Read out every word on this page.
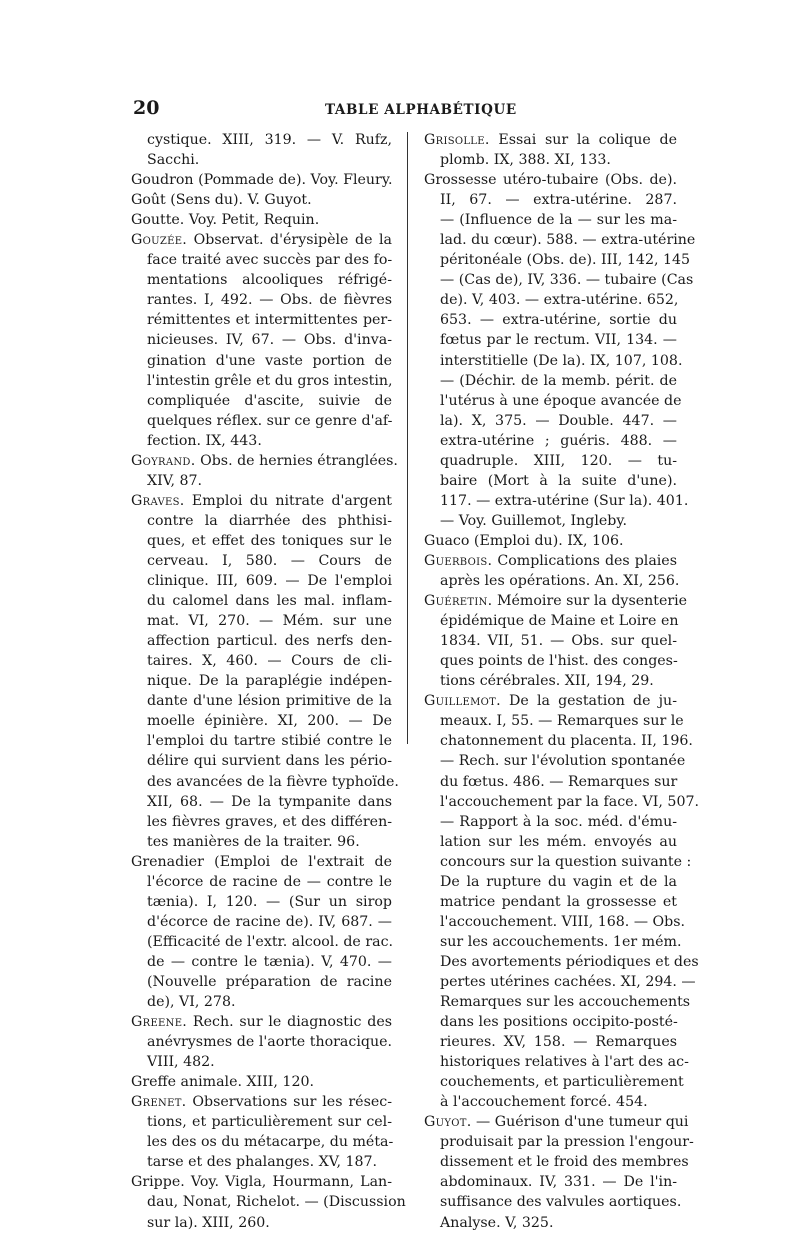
20	TABLE ALPHABÉTIQUE
cystique. XIII, 319. — V. Rufz,
Sacchi.
Goudron (Pommade de). Voy. Fleury.
Goût (Sens du). V. Guyot.
Goutte. Voy. Petit, Requin.
Gouzée. Observat. d'érysipèle de la
face traité avec succès par des fo-
mentations alcooliques réfrigé-
rantes. I, 492. — Obs. de fièvres
rémittentes et intermittentes per-
nicieuses. IV, 67. — Obs. d'inva-
gination d'une vaste portion de
l'intestin grêle et du gros intestin,
compliquée d'ascite, suivie de
quelques réflex. sur ce genre d'af-
fection. IX, 443.
Goyrand. Obs. de hernies étranglées.
XIV, 87.
Graves. Emploi du nitrate d'argent
contre la diarrhée des phthisi-
ques, et effet des toniques sur le
cerveau. I, 580. — Cours de
clinique. III, 609. — De l'emploi
du calomel dans les mal. inflam-
mat. VI, 270. — Mém. sur une
affection particul. des nerfs den-
taires. X, 460. — Cours de cli-
nique. De la paraplégie indépen-
dante d'une lésion primitive de la
moelle épinière. XI, 200. — De
l'emploi du tartre stibié contre le
délire qui survient dans les pério-
des avancées de la fièvre typhoïde.
XII, 68. — De la tympanite dans
les fièvres graves, et des différen-
tes manières de la traiter. 96.
Grenadier (Emploi de l'extrait de
l'écorce de racine de — contre le
tænia). I, 120. — (Sur un sirop
d'écorce de racine de). IV, 687. —
(Efficacité de l'extr. alcool. de rac.
de — contre le tænia). V, 470. —
(Nouvelle préparation de racine
de), VI, 278.
Greene. Rech. sur le diagnostic des
anévrysmes de l'aorte thoracique.
VIII, 482.
Greffe animale. XIII, 120.
Grenet. Observations sur les résec-
tions, et particulièrement sur cel-
les des os du métacarpe, du méta-
tarse et des phalanges. XV, 187.
Grippe. Voy. Vigla, Hourmann, Lan-
dau, Nonat, Richelot. — (Discussion
sur la). XIII, 260.
Grisolle. Essai sur la colique de
plomb. IX, 388. XI, 133.
Grossesse utéro-tubaire (Obs. de).
II, 67. — extra-utérine. 287.
— (Influence de la — sur les ma-
lad. du cœur). 588. — extra-utérine
péritonéale (Obs. de). III, 142, 145
— (Cas de), IV, 336. — tubaire (Cas
de). V, 403. — extra-utérine. 652,
653. — extra-utérine, sortie du
fœtus par le rectum. VII, 134. —
interstitielle (De la). IX, 107, 108.
— (Déchir. de la memb. périt. de
l'utérus à une époque avancée de
la). X, 375. — Double. 447. —
extra-utérine ; guéris. 488. —
quadruple. XIII, 120. — tu-
baire (Mort à la suite d'une).
117. — extra-utérine (Sur la). 401.
— Voy. Guillemot, Ingleby.
Guaco (Emploi du). IX, 106.
Guerbois. Complications des plaies
après les opérations. An. XI, 256.
Guéretin. Mémoire sur la dysenterie
épidémique de Maine et Loire en
1834. VII, 51. — Obs. sur quel-
ques points de l'hist. des conges-
tions cérébrales. XII, 194, 29.
Guillemot. De la gestation de ju-
meaux. I, 55. — Remarques sur le
chatonnement du placenta. II, 196.
— Rech. sur l'évolution spontanée
du fœtus. 486. — Remarques sur
l'accouchement par la face. VI, 507.
— Rapport à la soc. méd. d'ému-
lation sur les mém. envoyés au
concours sur la question suivante :
De la rupture du vagin et de la
matrice pendant la grossesse et
l'accouchement. VIII, 168. — Obs.
sur les accouchements. 1er mém.
Des avortements périodiques et des
pertes utérines cachées. XI, 294. —
Remarques sur les accouchements
dans les positions occipito-posté-
rieures. XV, 158. — Remarques
historiques relatives à l'art des ac-
couchements, et particulièrement
à l'accouchement forcé. 454.
Guyot. — Guérison d'une tumeur qui
produisait par la pression l'engour-
dissement et le froid des membres
abdominaux. IV, 331. — De l'in-
suffisance des valvules aortiques.
Analyse. V, 325.
